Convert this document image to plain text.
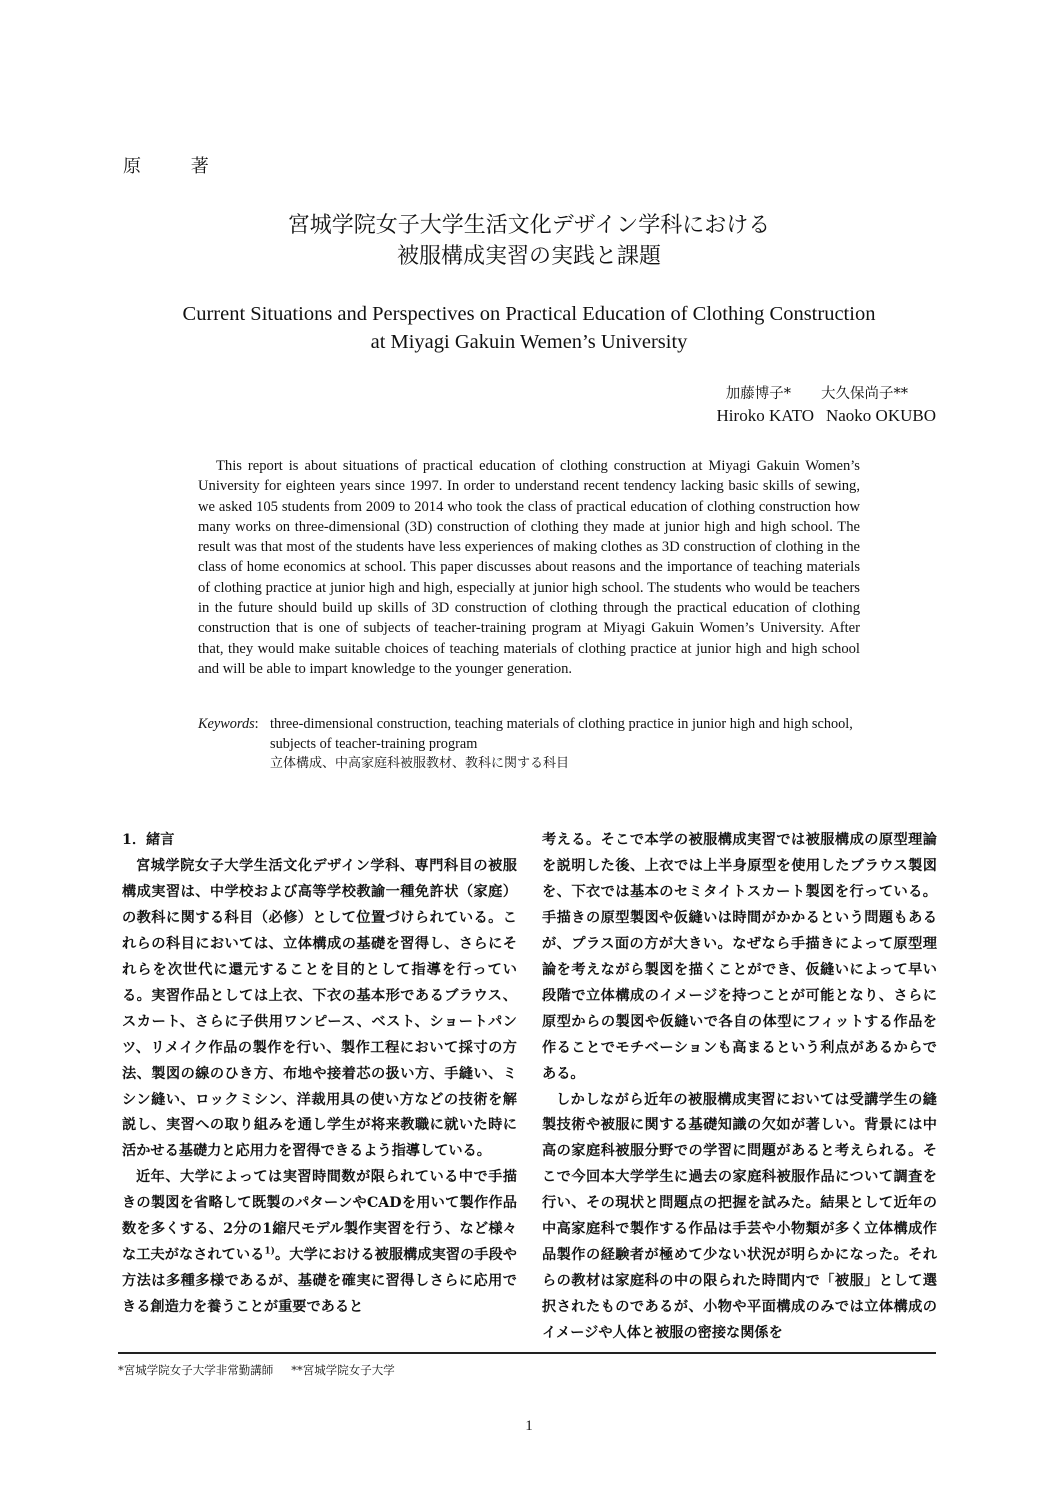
原 著
宮城学院女子大学生活文化デザイン学科における
被服構成実習の実践と課題
Current Situations and Perspectives on Practical Education of Clothing Construction
at Miyagi Gakuin Wemen’s University
加藤博子* 大久保尚子**
Hiroko KATO Naoko OKUBO

This report is about situations of practical education of clothing construction at Miyagi Gakuin Women’s University for eighteen years since 1997. In order to understand recent tendency lacking basic skills of sewing, we asked 105 students from 2009 to 2014 who took the class of practical education of clothing construction how many works on three-dimensional (3D) construction of clothing they made at junior high and high school. The result was that most of the students have less experiences of making clothes as 3D construction of clothing in the class of home economics at school. This paper discusses about reasons and the importance of teaching materials of clothing practice at junior high and high, especially at junior high school. The students who would be teachers in the future should build up skills of 3D construction of clothing through the practical education of clothing construction that is one of subjects of teacher-training program at Miyagi Gakuin Women’s University. After that, they would make suitable choices of teaching materials of clothing practice at junior high and high school and will be able to impart knowledge to the younger generation.

Keywords: three-dimensional construction, teaching materials of clothing practice in junior high and high school, subjects of teacher-training program
立体構成、中高家庭科被服教材、教科に関する科目
1．緒言

宮城学院女子大学生活文化デザイン学科、専門科目の被服構成実習は、中学校および高等学校教諭一種免許状（家庭）の教科に関する科目（必修）として位置づけられている。これらの科目においては、立体構成の基礎を習得し、さらにそれらを次世代に還元することを目的として指導を行っている。実習作品としては上衣、下衣の基本形であるブラウス、スカート、さらに子供用ワンピース、ベスト、ショートパンツ、リメイク作品の製作を行い、製作工程において採寸の方法、製図の線のひき方、布地や接着芯の扱い方、手縫い、ミシン縫い、ロックミシン、洋裁用具の使い方などの技術を解説し、実習への取り組みを通し学生が将来教職に就いた時に活かせる基礎力と応用力を習得できるよう指導している。

近年、大学によっては実習時間数が限られている中で手描きの製図を省略して既製のパターンやCADを用いて製作作品数を多くする、2分の1縮尺モデル製作実習を行う、など様々な工夫がなされている$^{1)}$。大学における被服構成実習の手段や方法は多種多様であるが、基礎を確実に習得しさらに応用できる創造力を養うことが重要であると

考える。そこで本学の被服構成実習では被服構成の原型理論を説明した後、上衣では上半身原型を使用したブラウス製図を、下衣では基本のセミタイトスカート製図を行っている。手描きの原型製図や仮縫いは時間がかかるという問題もあるが、プラス面の方が大きい。なぜなら手描きによって原型理論を考えながら製図を描くことができ、仮縫いによって早い段階で立体構成のイメージを持つことが可能となり、さらに原型からの製図や仮縫いで各自の体型にフィットする作品を作ることでモチベーションも高まるという利点があるからである。

しかしながら近年の被服構成実習においては受講学生の縫製技術や被服に関する基礎知識の欠如が著しい。背景には中高の家庭科被服分野での学習に問題があると考えられる。そこで今回本大学学生に過去の家庭科被服作品について調査を行い、その現状と問題点の把握を試みた。結果として近年の中高家庭科で製作する作品は手芸や小物類が多く立体構成作品製作の経験者が極めて少ない状況が明らかになった。それらの教材は家庭科の中の限られた時間内で「被服」として選択されたものであるが、小物や平面構成のみでは立体構成のイメージや人体と被服の密接な関係を

*宮城学院女子大学非常勤講師 **宮城学院女子大学
1
